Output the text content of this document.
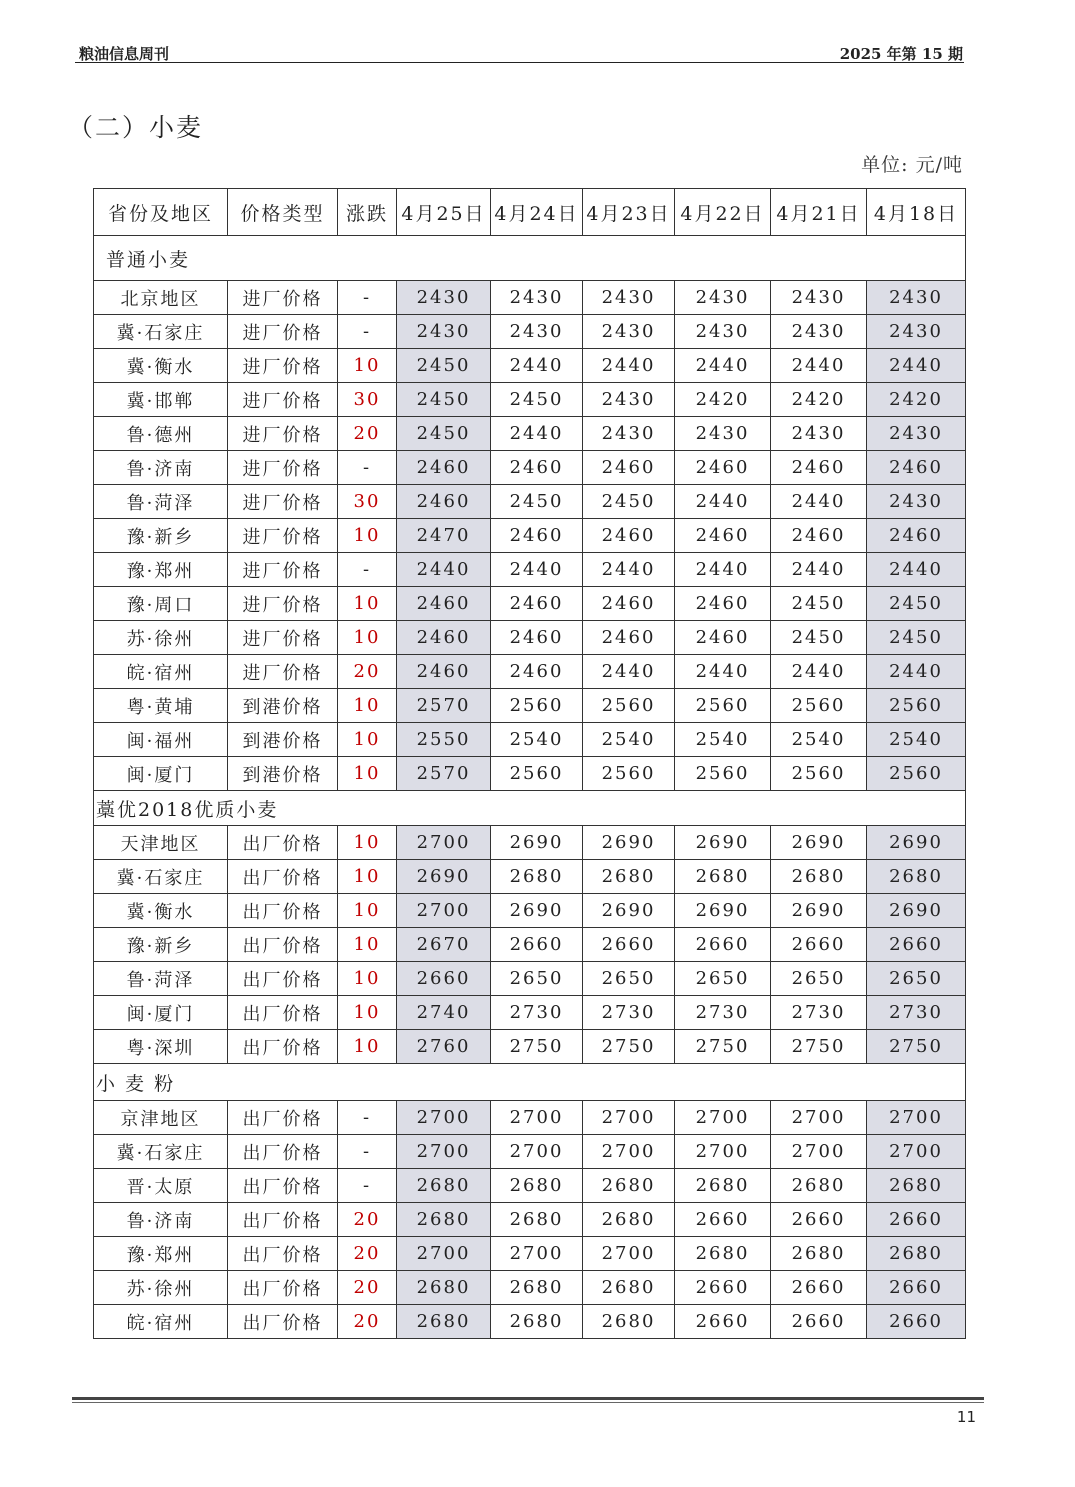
粮油信息周刊	2025 年第 15 期
（二）小麦
单位: 元/吨
省份及地区	价格类型	涨跌	4月25日	4月24日	4月23日	4月22日	4月21日	4月18日
普通小麦								
北京地区	进厂价格	-	2430	2430	2430	2430	2430	2430
冀·石家庄	进厂价格	-	2430	2430	2430	2430	2430	2430
冀·衡水	进厂价格	10	2450	2440	2440	2440	2440	2440
冀·邯郸	进厂价格	30	2450	2450	2430	2420	2420	2420
鲁·德州	进厂价格	20	2450	2440	2430	2430	2430	2430
鲁·济南	进厂价格	-	2460	2460	2460	2460	2460	2460
鲁·菏泽	进厂价格	30	2460	2450	2450	2440	2440	2430
豫·新乡	进厂价格	10	2470	2460	2460	2460	2460	2460
豫·郑州	进厂价格	-	2440	2440	2440	2440	2440	2440
豫·周口	进厂价格	10	2460	2460	2460	2460	2450	2450
苏·徐州	进厂价格	10	2460	2460	2460	2460	2450	2450
皖·宿州	进厂价格	20	2460	2460	2440	2440	2440	2440
粤·黄埔	到港价格	10	2570	2560	2560	2560	2560	2560
闽·福州	到港价格	10	2550	2540	2540	2540	2540	2540
闽·厦门	到港价格	10	2570	2560	2560	2560	2560	2560
藁优2018优质小麦								
天津地区	出厂价格	10	2700	2690	2690	2690	2690	2690
冀·石家庄	出厂价格	10	2690	2680	2680	2680	2680	2680
冀·衡水	出厂价格	10	2700	2690	2690	2690	2690	2690
豫·新乡	出厂价格	10	2670	2660	2660	2660	2660	2660
鲁·菏泽	出厂价格	10	2660	2650	2650	2650	2650	2650
闽·厦门	出厂价格	10	2740	2730	2730	2730	2730	2730
粤·深圳	出厂价格	10	2760	2750	2750	2750	2750	2750
小 麦 粉								
京津地区	出厂价格	-	2700	2700	2700	2700	2700	2700
冀·石家庄	出厂价格	-	2700	2700	2700	2700	2700	2700
晋·太原	出厂价格	-	2680	2680	2680	2680	2680	2680
鲁·济南	出厂价格	20	2680	2680	2680	2660	2660	2660
豫·郑州	出厂价格	20	2700	2700	2700	2680	2680	2680
苏·徐州	出厂价格	20	2680	2680	2680	2660	2660	2660
皖·宿州	出厂价格	20	2680	2680	2680	2660	2660	2660
11
